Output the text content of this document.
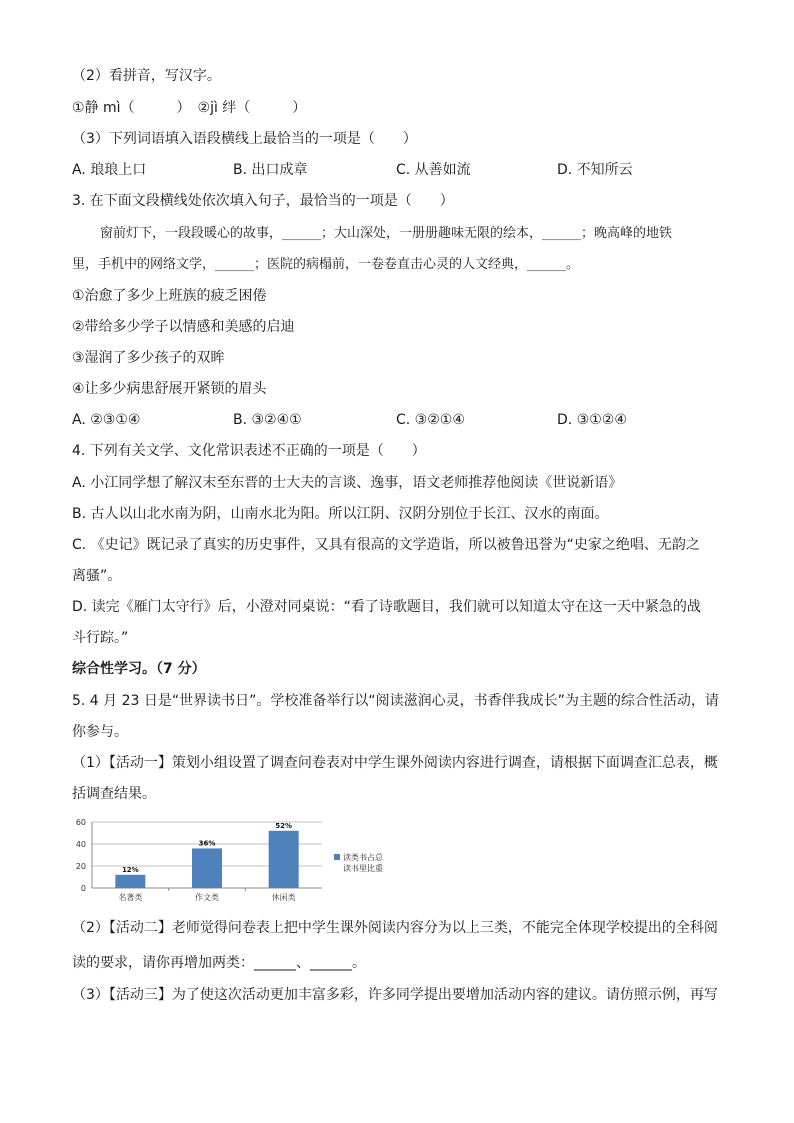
（2）看拼音，写汉字。
①静 mì（　　　）　②jì 绊（　　　）
（3）下列词语填入语段横线上最恰当的一项是（　　）
A. 琅琅上口	B. 出口成章	C. 从善如流	D. 不知所云
3. 在下面文段横线处依次填入句子，最恰当的一项是（　　）
窗前灯下，一段段暖心的故事，______；大山深处，一册册趣味无限的绘本，______；晚高峰的地铁
里，手机中的网络文学，______；医院的病榻前，一卷卷直击心灵的人文经典，______。
①治愈了多少上班族的疲乏困倦
②带给多少学子以情感和美感的启迪
③湿润了多少孩子的双眸
④让多少病患舒展开紧锁的眉头
A. ②③①④	B. ③②④①	C. ③②①④	D. ③①②④
4. 下列有关文学、文化常识表述不正确的一项是（　　）
A. 小江同学想了解汉末至东晋的士大夫的言谈、逸事，语文老师推荐他阅读《世说新语》
B. 古人以山北水南为阴，山南水北为阳。所以江阴、汉阴分别位于长江、汉水的南面。
C. 《史记》既记录了真实的历史事件，又具有很高的文学造诣，所以被鲁迅誉为“史家之绝唱、无韵之
离骚”。
D. 读完《雁门太守行》后，小澄对同桌说：“看了诗歌题目，我们就可以知道太守在这一天中紧急的战
斗行踪。”
综合性学习。（7 分）
5. 4 月 23 日是“世界读书日”。学校准备举行以“阅读滋润心灵，书香伴我成长”为主题的综合性活动，请
你参与。
（1）【活动一】策划小组设置了调查问卷表对中学生课外阅读内容进行调查，请根据下面调查汇总表，概
括调查结果。
0
20
40
60
12%
名著类
36%
作文类
52%
休闲类
读类书占总
读书里比重
（2）【活动二】老师觉得问卷表上把中学生课外阅读内容分为以上三类，不能完全体现学校提出的全科阅
读的要求，请你再增加两类：______、______。
（3）【活动三】为了使这次活动更加丰富多彩，许多同学提出要增加活动内容的建议。请仿照示例，再写
